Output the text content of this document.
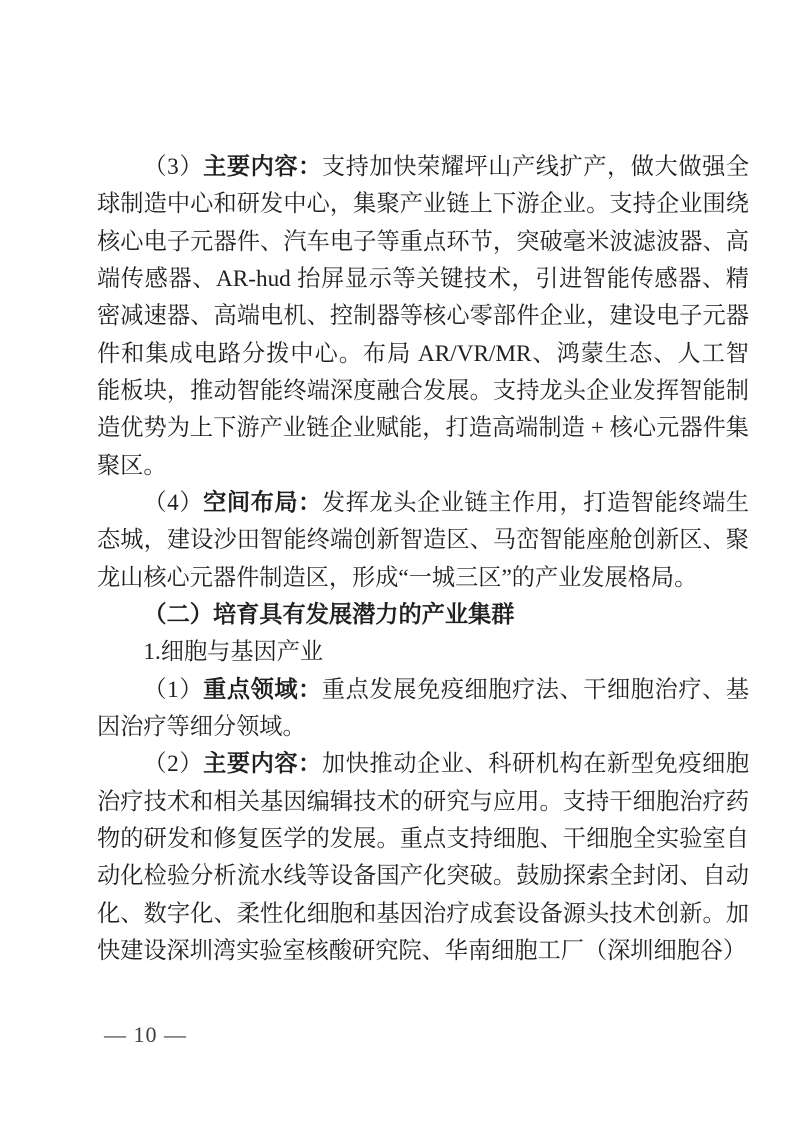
（3）主要内容：支持加快荣耀坪山产线扩产，做大做强全球制造中心和研发中心，集聚产业链上下游企业。支持企业围绕核心电子元器件、汽车电子等重点环节，突破毫米波滤波器、高端传感器、AR-hud 抬屏显示等关键技术，引进智能传感器、精密减速器、高端电机、控制器等核心零部件企业，建设电子元器件和集成电路分拨中心。布局 AR/VR/MR、鸿蒙生态、人工智能板块，推动智能终端深度融合发展。支持龙头企业发挥智能制造优势为上下游产业链企业赋能，打造高端制造 + 核心元器件集聚区。

（4）空间布局：发挥龙头企业链主作用，打造智能终端生态城，建设沙田智能终端创新智造区、马峦智能座舱创新区、聚龙山核心元器件制造区，形成“一城三区”的产业发展格局。

（二）培育具有发展潜力的产业集群

1.细胞与基因产业

（1）重点领域：重点发展免疫细胞疗法、干细胞治疗、基因治疗等细分领域。

（2）主要内容：加快推动企业、科研机构在新型免疫细胞治疗技术和相关基因编辑技术的研究与应用。支持干细胞治疗药物的研发和修复医学的发展。重点支持细胞、干细胞全实验室自动化检验分析流水线等设备国产化突破。鼓励探索全封闭、自动化、数字化、柔性化细胞和基因治疗成套设备源头技术创新。加快建设深圳湾实验室核酸研究院、华南细胞工厂（深圳细胞谷）

— 10 —
